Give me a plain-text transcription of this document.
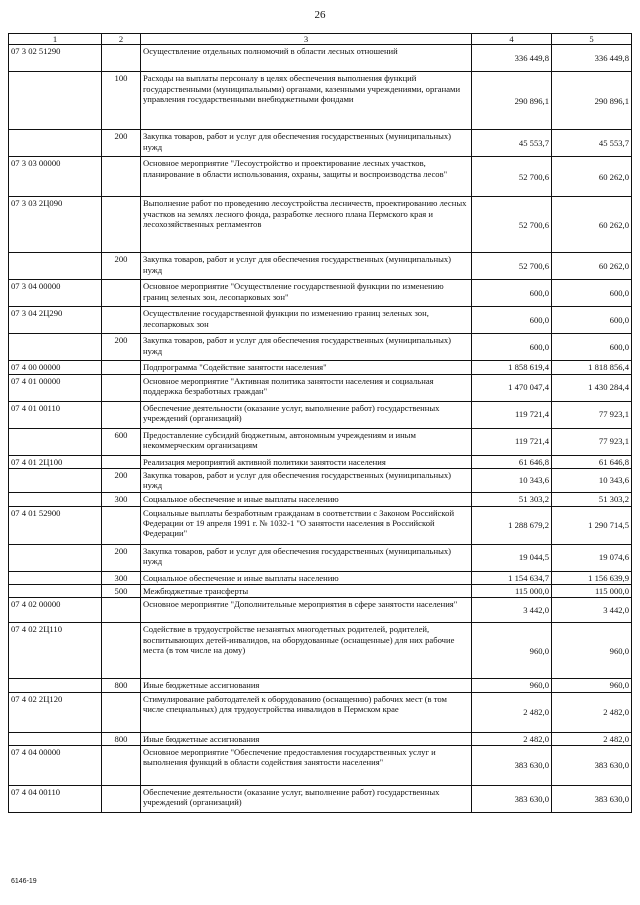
26
1	2	3	4	5
07 3 02 51290		Осуществление отдельных полномочий в области лесных отношений	336 449,8	336 449,8
	100	Расходы на выплаты персоналу в целях обеспечения выполнения функций государственными (муниципальными) органами, казенными учреждениями, органами управления государственными внебюджетными фондами	290 896,1	290 896,1
	200	Закупка товаров, работ и услуг для обеспечения государственных (муниципальных) нужд	45 553,7	45 553,7
07 3 03 00000		Основное мероприятие "Лесоустройство и проектирование лесных участков, планирование в области использования, охраны, защиты и воспроизводства лесов"	52 700,6	60 262,0
07 3 03 2Ц090		Выполнение работ по проведению лесоустройства лесничеств, проектированию лесных участков на землях лесного фонда, разработке лесного плана Пермского края и лесохозяйственных регламентов	52 700,6	60 262,0
	200	Закупка товаров, работ и услуг для обеспечения государственных (муниципальных) нужд	52 700,6	60 262,0
07 3 04 00000		Основное мероприятие "Осуществление государственной функции по изменению границ зеленых зон, лесопарковых зон"	600,0	600,0
07 3 04 2Ц290		Осуществление государственной функции по изменению границ зеленых зон, лесопарковых зон	600,0	600,0
	200	Закупка товаров, работ и услуг для обеспечения государственных (муниципальных) нужд	600,0	600,0
07 4 00 00000		Подпрограмма "Содействие занятости населения"	1 858 619,4	1 818 856,4
07 4 01 00000		Основное мероприятие "Активная политика занятости населения и социальная поддержка безработных граждан"	1 470 047,4	1 430 284,4
07 4 01 00110		Обеспечение деятельности (оказание услуг, выполнение работ) государственных учреждений (организаций)	119 721,4	77 923,1
	600	Предоставление субсидий бюджетным, автономным учреждениям и иным некоммерческим организациям	119 721,4	77 923,1
07 4 01 2Ц100		Реализация мероприятий активной политики занятости населения	61 646,8	61 646,8
	200	Закупка товаров, работ и услуг для обеспечения государственных (муниципальных) нужд	10 343,6	10 343,6
	300	Социальное обеспечение и иные выплаты населению	51 303,2	51 303,2
07 4 01 52900		Социальные выплаты безработным гражданам в соответствии с Законом Российской Федерации от 19 апреля 1991 г. № 1032-1 "О занятости населения в Российской Федерации"	1 288 679,2	1 290 714,5
	200	Закупка товаров, работ и услуг для обеспечения государственных (муниципальных) нужд	19 044,5	19 074,6
	300	Социальное обеспечение и иные выплаты населению	1 154 634,7	1 156 639,9
	500	Межбюджетные трансферты	115 000,0	115 000,0
07 4 02 00000		Основное мероприятие "Дополнительные мероприятия в сфере занятости населения"	3 442,0	3 442,0
07 4 02 2Ц110		Содействие в трудоустройстве незанятых многодетных родителей, родителей, воспитывающих детей-инвалидов, на оборудованные (оснащенные) для них рабочие места (в том числе на дому)	960,0	960,0
	800	Иные бюджетные ассигнования	960,0	960,0
07 4 02 2Ц120		Стимулирование работодателей к оборудованию (оснащению) рабочих мест (в том числе специальных) для трудоустройства инвалидов в Пермском крае	2 482,0	2 482,0
	800	Иные бюджетные ассигнования	2 482,0	2 482,0
07 4 04 00000		Основное мероприятие "Обеспечение предоставления государственных услуг и выполнения функций в области содействия занятости населения"	383 630,0	383 630,0
07 4 04 00110		Обеспечение деятельности (оказание услуг, выполнение работ) государственных учреждений (организаций)	383 630,0	383 630,0
6146-19
